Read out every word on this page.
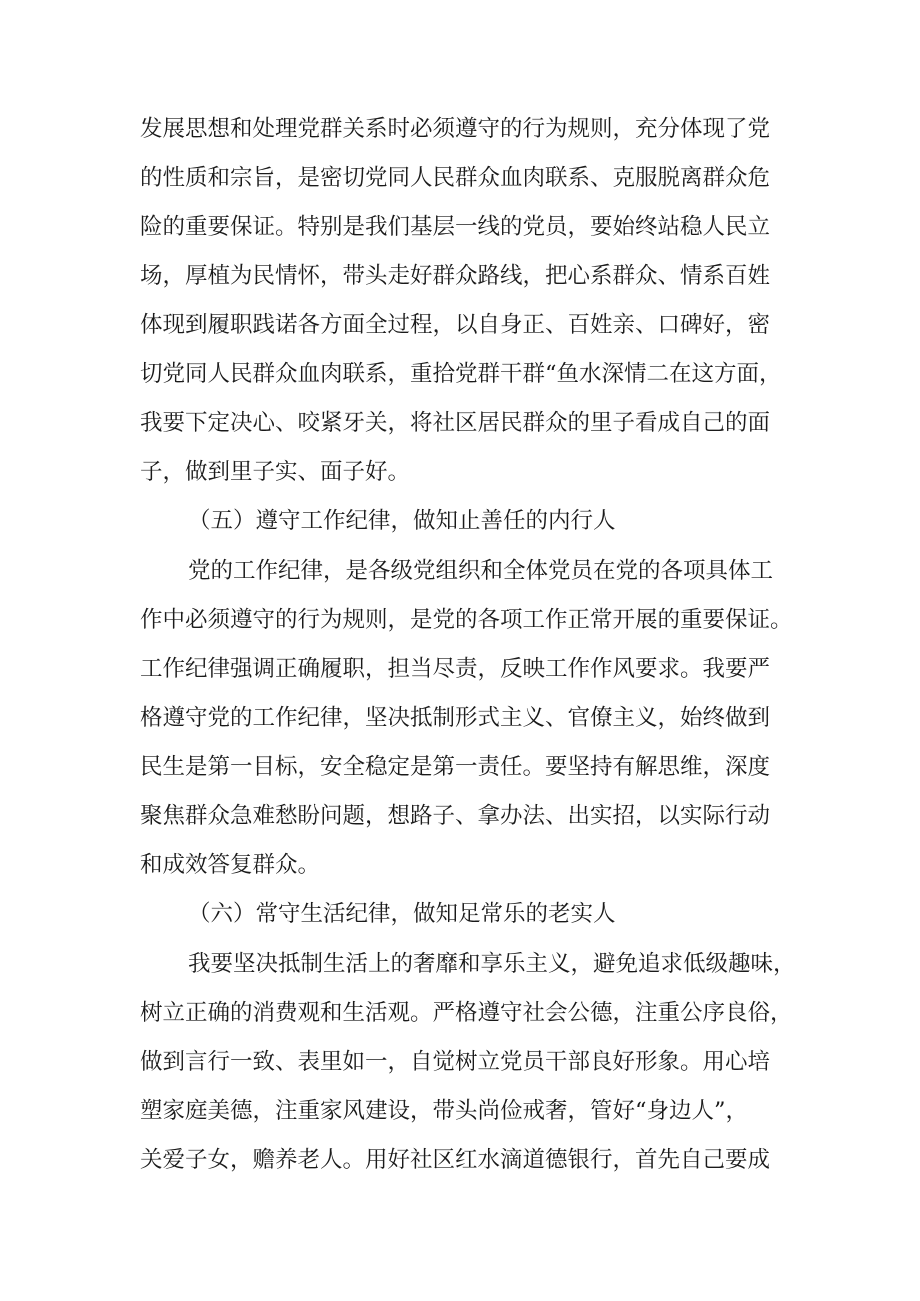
发展思想和处理党群关系时必须遵守的行为规则，充分体现了党
的性质和宗旨，是密切党同人民群众血肉联系、克服脱离群众危
险的重要保证。特别是我们基层一线的党员，要始终站稳人民立
场，厚植为民情怀，带头走好群众路线，把心系群众、情系百姓
体现到履职践诺各方面全过程，以自身正、百姓亲、口碑好，密
切党同人民群众血肉联系，重拾党群干群“鱼水深情二在这方面，
我要下定决心、咬紧牙关，将社区居民群众的里子看成自己的面
子，做到里子实、面子好。
（五）遵守工作纪律，做知止善任的内行人
党的工作纪律，是各级党组织和全体党员在党的各项具体工
作中必须遵守的行为规则，是党的各项工作正常开展的重要保证。
工作纪律强调正确履职，担当尽责，反映工作作风要求。我要严
格遵守党的工作纪律，坚决抵制形式主义、官僚主义，始终做到
民生是第一目标，安全稳定是第一责任。要坚持有解思维，深度
聚焦群众急难愁盼问题，想路子、拿办法、出实招，以实际行动
和成效答复群众。
（六）常守生活纪律，做知足常乐的老实人
我要坚决抵制生活上的奢靡和享乐主义，避免追求低级趣味，
树立正确的消费观和生活观。严格遵守社会公德，注重公序良俗，
做到言行一致、表里如一，自觉树立党员干部良好形象。用心培
塑家庭美德，注重家风建设，带头尚俭戒奢，管好“身边人”，
关爱子女，赡养老人。用好社区红水滴道德银行，首先自己要成
